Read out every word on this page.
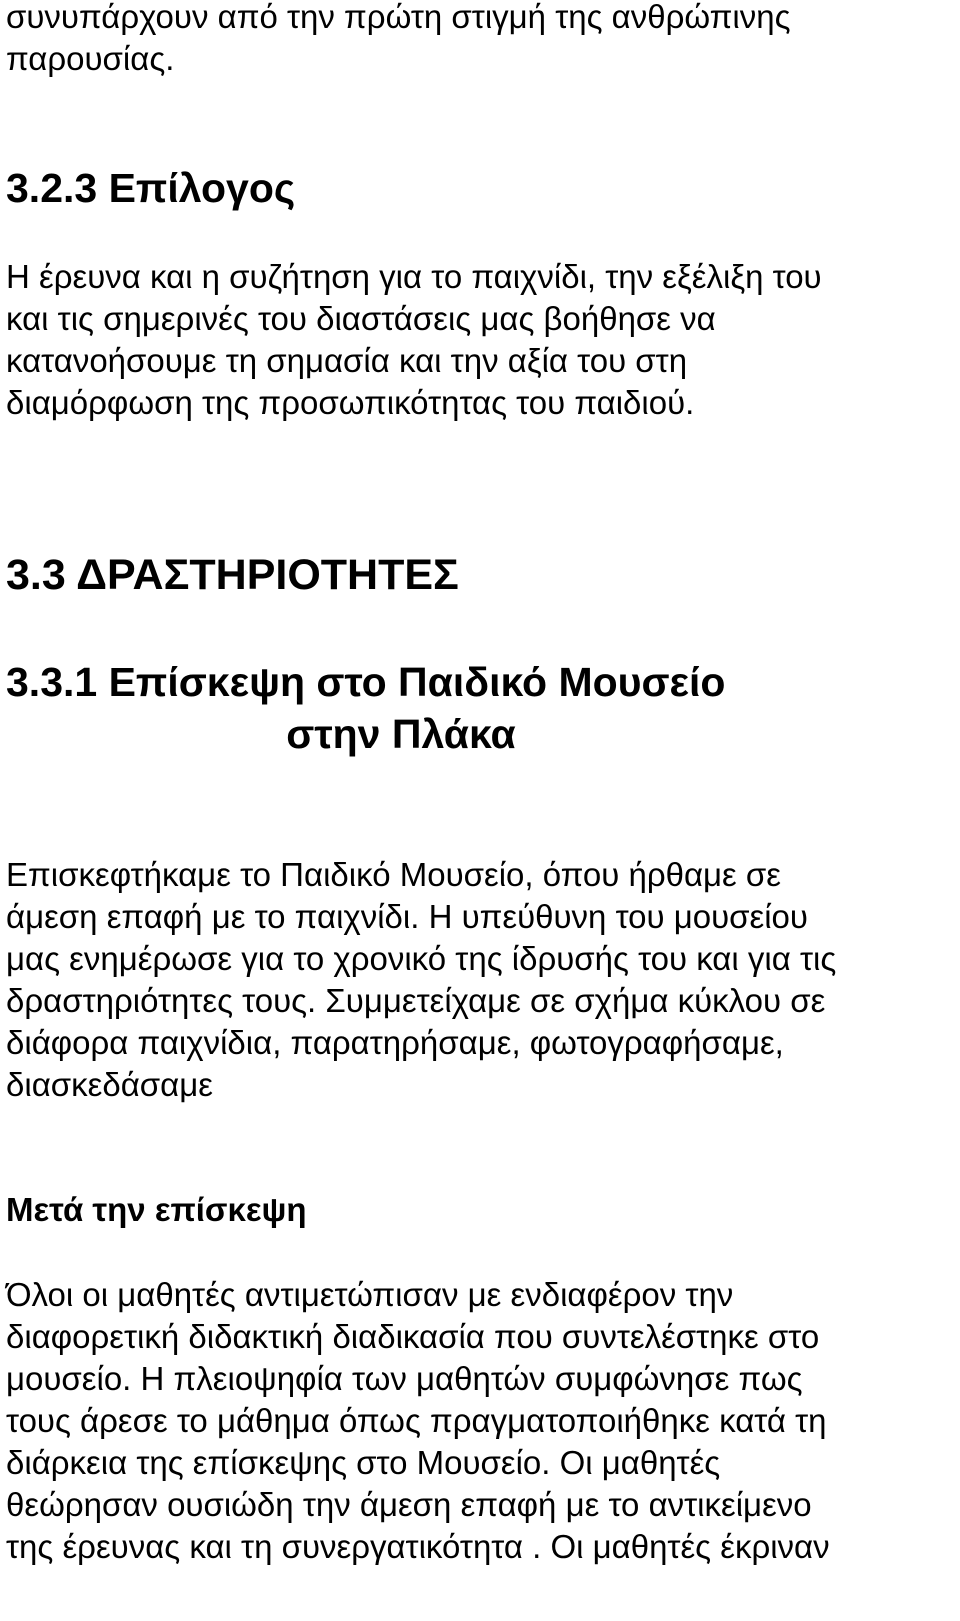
συνυπάρχουν από την πρώτη στιγμή της ανθρώπινης
παρουσίας.
3.2.3 Επίλογος
Η έρευνα και η συζήτηση για το παιχνίδι, την εξέλιξη του
και τις σημερινές του διαστάσεις μας βοήθησε να
κατανοήσουμε τη σημασία και την αξία του στη
διαμόρφωση της προσωπικότητας του παιδιού.
3.3 ΔΡΑΣΤΗΡΙΟΤΗΤΕΣ
3.3.1 Επίσκεψη στο Παιδικό Μουσείο
στην Πλάκα
Επισκεφτήκαμε το Παιδικό Μουσείο, όπου ήρθαμε σε
άμεση επαφή με το παιχνίδι. Η υπεύθυνη του μουσείου
μας ενημέρωσε για το χρονικό της ίδρυσής του και για τις
δραστηριότητες τους. Συμμετείχαμε σε σχήμα κύκλου σε
διάφορα παιχνίδια, παρατηρήσαμε, φωτογραφήσαμε,
διασκεδάσαμε
Μετά την επίσκεψη
Όλοι οι μαθητές αντιμετώπισαν με ενδιαφέρον την
διαφορετική διδακτική διαδικασία που συντελέστηκε στο
μουσείο. Η πλειοψηφία των μαθητών συμφώνησε πως
τους άρεσε το μάθημα όπως πραγματοποιήθηκε κατά τη
διάρκεια της επίσκεψης στο Μουσείο. Οι μαθητές
θεώρησαν ουσιώδη την άμεση επαφή με το αντικείμενο
της έρευνας και τη συνεργατικότητα . Οι μαθητές έκριναν
